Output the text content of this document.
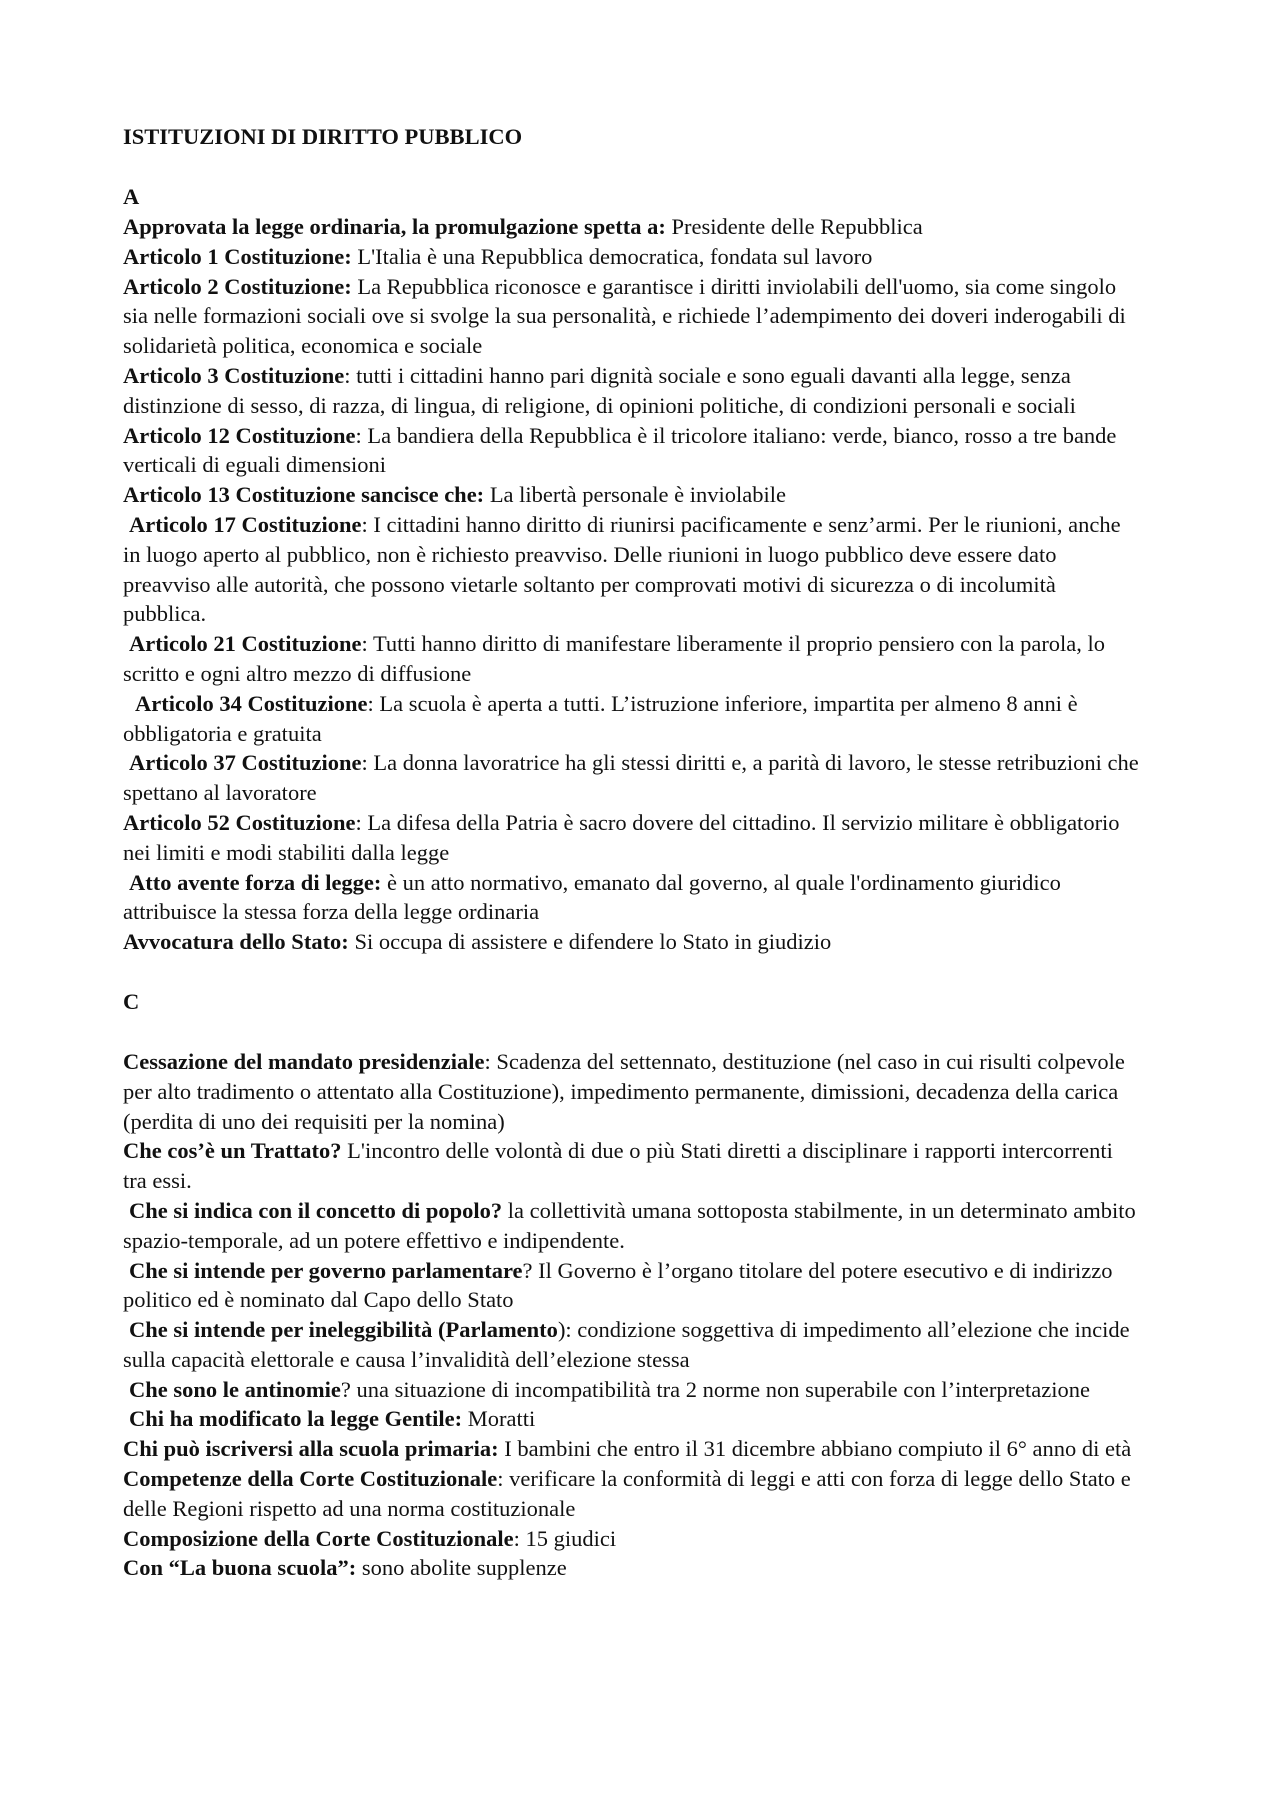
ISTITUZIONI DI DIRITTO PUBBLICO
A

Approvata la legge ordinaria, la promulgazione spetta a: Presidente delle Repubblica

Articolo 1 Costituzione: L'Italia è una Repubblica democratica, fondata sul lavoro

Articolo 2 Costituzione: La Repubblica riconosce e garantisce i diritti inviolabili dell'uomo, sia come singolo sia nelle formazioni sociali ove si svolge la sua personalità, e richiede l’adempimento dei doveri inderogabili di solidarietà politica, economica e sociale

Articolo 3 Costituzione: tutti i cittadini hanno pari dignità sociale e sono eguali davanti alla legge, senza distinzione di sesso, di razza, di lingua, di religione, di opinioni politiche, di condizioni personali e sociali

Articolo 12 Costituzione: La bandiera della Repubblica è il tricolore italiano: verde, bianco, rosso a tre bande verticali di eguali dimensioni

Articolo 13 Costituzione sancisce che: La libertà personale è inviolabile

Articolo 17 Costituzione: I cittadini hanno diritto di riunirsi pacificamente e senz’armi. Per le riunioni, anche in luogo aperto al pubblico, non è richiesto preavviso. Delle riunioni in luogo pubblico deve essere dato preavviso alle autorità, che possono vietarle soltanto per comprovati motivi di sicurezza o di incolumità pubblica.

Articolo 21 Costituzione: Tutti hanno diritto di manifestare liberamente il proprio pensiero con la parola, lo scritto e ogni altro mezzo di diffusione

Articolo 34 Costituzione: La scuola è aperta a tutti. L’istruzione inferiore, impartita per almeno 8 anni è obbligatoria e gratuita

Articolo 37 Costituzione: La donna lavoratrice ha gli stessi diritti e, a parità di lavoro, le stesse retribuzioni che spettano al lavoratore

Articolo 52 Costituzione: La difesa della Patria è sacro dovere del cittadino. Il servizio militare è obbligatorio nei limiti e modi stabiliti dalla legge

Atto avente forza di legge: è un atto normativo, emanato dal governo, al quale l'ordinamento giuridico attribuisce la stessa forza della legge ordinaria

Avvocatura dello Stato: Si occupa di assistere e difendere lo Stato in giudizio

C

Cessazione del mandato presidenziale: Scadenza del settennato, destituzione (nel caso in cui risulti colpevole per alto tradimento o attentato alla Costituzione), impedimento permanente, dimissioni, decadenza della carica (perdita di uno dei requisiti per la nomina)

Che cos’è un Trattato? L'incontro delle volontà di due o più Stati diretti a disciplinare i rapporti intercorrenti tra essi.

Che si indica con il concetto di popolo? la collettività umana sottoposta stabilmente, in un determinato ambito spazio-temporale, ad un potere effettivo e indipendente.

Che si intende per governo parlamentare? Il Governo è l’organo titolare del potere esecutivo e di indirizzo politico ed è nominato dal Capo dello Stato

Che si intende per ineleggibilità (Parlamento): condizione soggettiva di impedimento all’elezione che incide sulla capacità elettorale e causa l’invalidità dell’elezione stessa

Che sono le antinomie? una situazione di incompatibilità tra 2 norme non superabile con l’interpretazione

Chi ha modificato la legge Gentile: Moratti

Chi può iscriversi alla scuola primaria: I bambini che entro il 31 dicembre abbiano compiuto il 6° anno di età

Competenze della Corte Costituzionale: verificare la conformità di leggi e atti con forza di legge dello Stato e delle Regioni rispetto ad una norma costituzionale

Composizione della Corte Costituzionale: 15 giudici

Con “La buona scuola”: sono abolite supplenze
